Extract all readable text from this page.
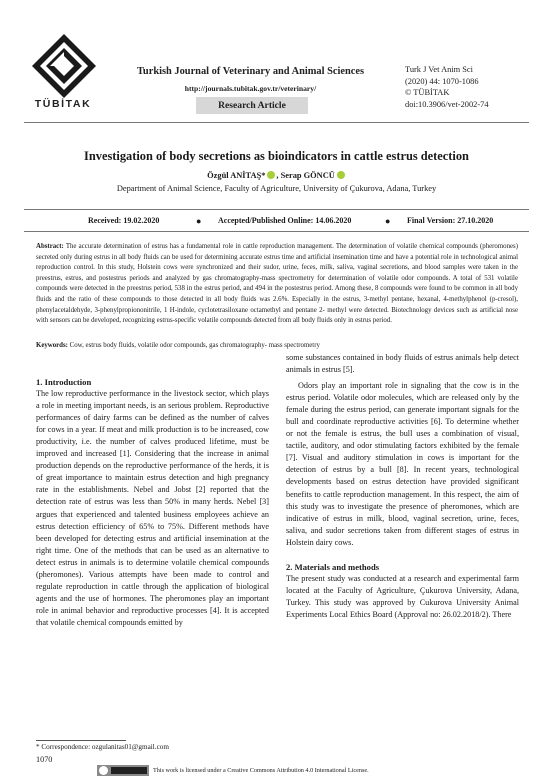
TÜBİTAK
Turkish Journal of Veterinary and Animal Sciences
http://journals.tubitak.gov.tr/veterinary/
Research Article
Turk J Vet Anim Sci
(2020) 44: 1070-1086
© TÜBİTAK
doi:10.3906/vet-2002-74
Investigation of body secretions as bioindicators in cattle estrus detection
Özgül ANİTAŞ* , Serap GÖNCÜ
Department of Animal Science, Faculty of Agriculture, University of Çukurova, Adana, Turkey
Received: 19.02.2020	● Accepted/Published Online: 14.06.2020	● Final Version: 27.10.2020
Abstract: The accurate determination of estrus has a fundamental role in cattle reproduction management. The determination of volatile chemical compounds (pheromones) secreted only during estrus in all body fluids can be used for determining accurate estrus time and artificial insemination time and have a potential role in technological animal reproduction control. In this study, Holstein cows were synchronized and their sudor, urine, feces, milk, saliva, vaginal secretions, and blood samples were taken in the preestrus, estrus, and postestrus periods and analyzed by gas chromatography-mass spectrometry for determination of volatile odor compounds. A total of 531 volatile compounds were detected in the preestrus period, 538 in the estrus period, and 494 in the postestrus period. Among these, 8 compounds were found to be common in all body fluids and the ratio of these compounds to those detected in all body fluids was 2.6%. Especially in the estrus, 3-methyl pentane, hexanal, 4-methylphenol (p-cresol), phenylacetaldehyde, 3-phenylpropiononitrile, 1 H-indole, cyclotetrasiloxane octamethyl and pentane 2- methyl were detected. Biotechnology devices such as artificial nose with sensors can be developed, recognizing estrus-specific volatile compounds detected from all body fluids only in estrus period.
Keywords: Cow, estrus body fluids, volatile odor compounds, gas chromatography- mass spectrometry

1. Introduction

The low reproductive performance in the livestock sector, which plays a role in meeting important needs, is an serious problem. Reproductive performances of dairy farms can be defined as the number of calves for cows in a year. If meat and milk production is to be increased, cow productivity, i.e. the number of calves produced lifetime, must be improved and increased [1]. Considering that the increase in animal production depends on the reproductive performance of the herds, it is of great importance to maintain estrus detection and high pregnancy rate in the establishments. Nebel and Jobst [2] reported that the detection rate of estrus was less than 50% in many herds. Nebel [3] argues that experienced and talented business employees achieve an estrus detection efficiency of 65% to 75%. Different methods have been developed for detecting estrus and artificial insemination at the right time. One of the methods that can be used as an alternative to detect estrus in animals is to determine volatile chemical compounds (pheromones). Various attempts have been made to control and regulate reproduction in cattle through the application of biological agents and the use of hormones. The pheromones play an important role in animal behavior and reproductive processes [4]. It is accepted that volatile chemical compounds emitted by

some substances contained in body fluids of estrus animals help detect animals in estrus [5].

Odors play an important role in signaling that the cow is in the estrus period. Volatile odor molecules, which are released only by the female during the estrus period, can generate important signals for the bull and coordinate reproductive activities [6]. To determine whether or not the female is estrus, the bull uses a combination of visual, tactile, auditory, and odor stimulating factors exhibited by the female [7]. Visual and auditory stimulation in cows is important for the detection of estrus by a bull [8]. In recent years, technological developments based on estrus detection have provided significant benefits to cattle reproduction management. In this respect, the aim of this study was to investigate the presence of pheromones, which are indicative of estrus in milk, blood, vaginal secretion, urine, feces, saliva, and sudor secretions taken from different stages of estrus in Holstein dairy cows.

2. Materials and methods

The present study was conducted at a research and experimental farm located at the Faculty of Agriculture, Çukurova University, Adana, Turkey. This study was approved by Cukurova University Animal Experiments Local Ethics Board (Approval no: 26.02.2018/2). There

* Correspondence: ozgulanitas01@gmail.com
1070
This work is licensed under a Creative Commons Attribution 4.0 International License.
